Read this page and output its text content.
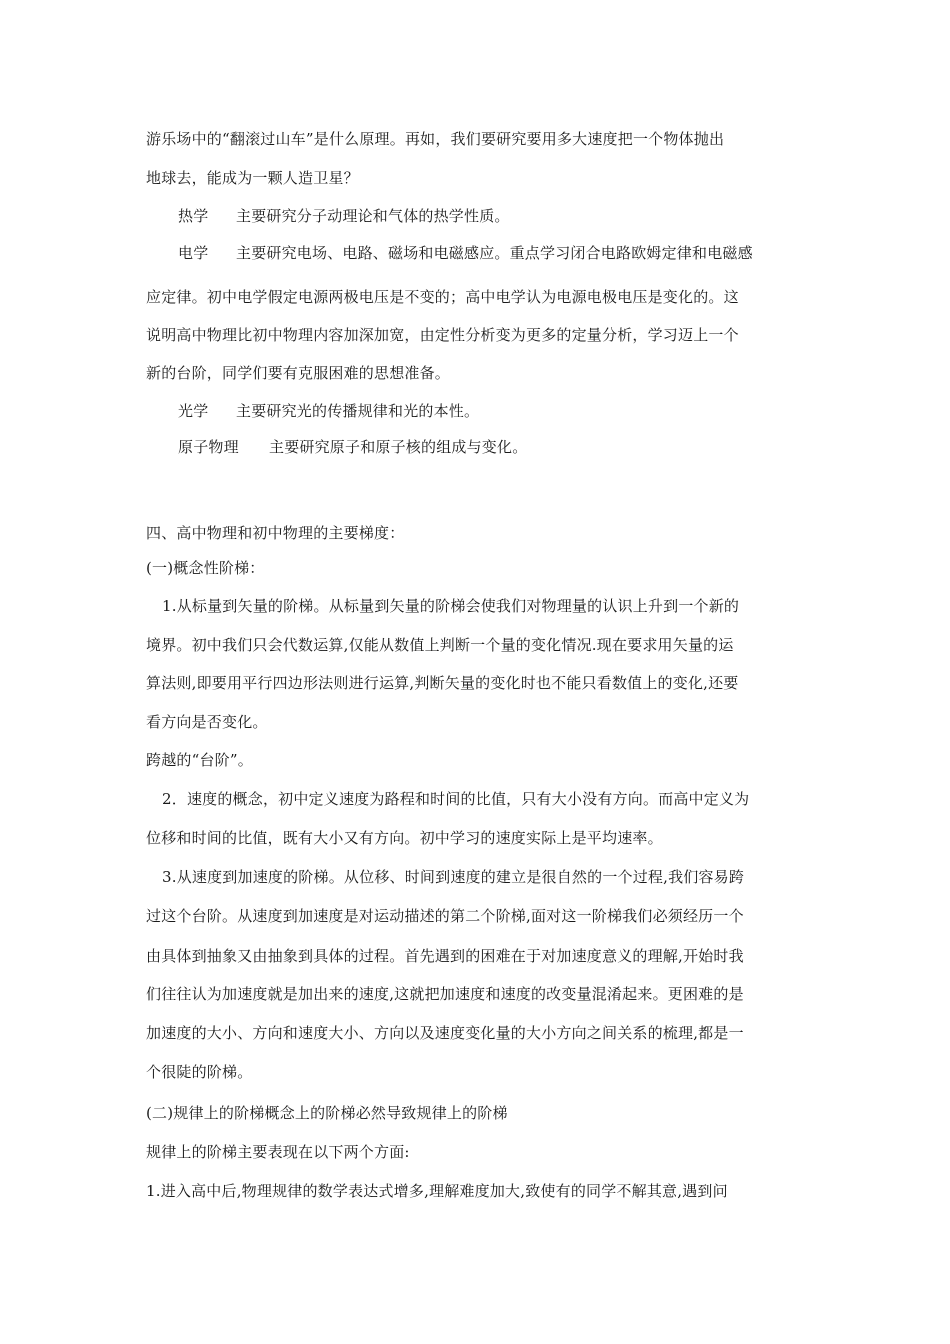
游乐场中的“翻滚过山车”是什么原理。再如，我们要研究要用多大速度把一个物体抛出
地球去，能成为一颗人造卫星？
热学 主要研究分子动理论和气体的热学性质。
电学 主要研究电场、电路、磁场和电磁感应。重点学习闭合电路欧姆定律和电磁感
应定律。初中电学假定电源两极电压是不变的；高中电学认为电源电极电压是变化的。这
说明高中物理比初中物理内容加深加宽，由定性分析变为更多的定量分析，学习迈上一个
新的台阶，同学们要有克服困难的思想准备。
光学 主要研究光的传播规律和光的本性。
原子物理 主要研究原子和原子核的组成与变化。
四、高中物理和初中物理的主要梯度：
(一)概念性阶梯：
1.从标量到矢量的阶梯。从标量到矢量的阶梯会使我们对物理量的认识上升到一个新的
境界。初中我们只会代数运算,仅能从数值上判断一个量的变化情况.现在要求用矢量的运
算法则,即要用平行四边形法则进行运算,判断矢量的变化时也不能只看数值上的变化,还要
看方向是否变化。
跨越的“台阶”。
2．速度的概念，初中定义速度为路程和时间的比值，只有大小没有方向。而高中定义为
位移和时间的比值，既有大小又有方向。初中学习的速度实际上是平均速率。
3.从速度到加速度的阶梯。从位移、时间到速度的建立是很自然的一个过程,我们容易跨
过这个台阶。从速度到加速度是对运动描述的第二个阶梯,面对这一阶梯我们必须经历一个
由具体到抽象又由抽象到具体的过程。首先遇到的困难在于对加速度意义的理解,开始时我
们往往认为加速度就是加出来的速度,这就把加速度和速度的改变量混淆起来。更困难的是
加速度的大小、方向和速度大小、方向以及速度变化量的大小方向之间关系的梳理,都是一
个很陡的阶梯。
(二)规律上的阶梯概念上的阶梯必然导致规律上的阶梯
规律上的阶梯主要表现在以下两个方面:
1.进入高中后,物理规律的数学表达式增多,理解难度加大,致使有的同学不解其意,遇到问
